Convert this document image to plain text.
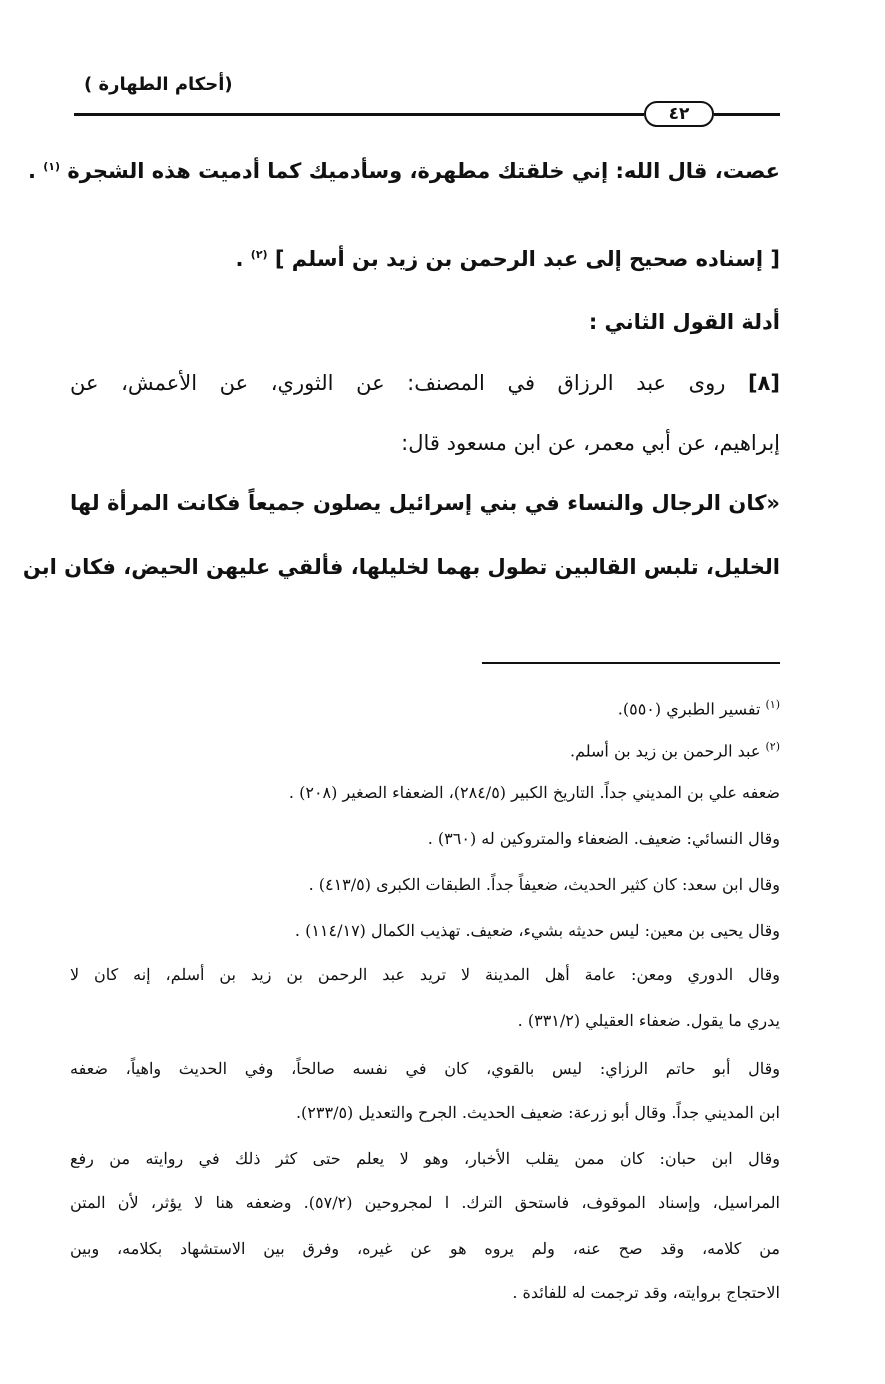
(أحكام الطهارة )
٤٢
عصت، قال الله: إني خلقتك مطهرة، وسأدميك كما أدميت هذه الشجرة $^{(١)}$ .
[ إسناده صحيح إلى عبد الرحمن بن زيد بن أسلم ] $^{(٢)}$ .
أدلة القول الثاني :
[٨] روى عبد الرزاق في المصنف: عن الثوري، عن الأعمش، عن
إبراهيم، عن أبي معمر، عن ابن مسعود قال:
«كان الرجال والنساء في بني إسرائيل يصلون جميعاً فكانت المرأة لها
الخليل، تلبس القالبين تطول بهما لخليلها، فألقي عليهن الحيض، فكان ابن
$^{(١)}$ تفسير الطبري (٥٥٠).
$^{(٢)}$ عبد الرحمن بن زيد بن أسلم.
ضعفه علي بن المديني جداً. التاريخ الكبير (٢٨٤/٥)، الضعفاء الصغير (٢٠٨) .
وقال النسائي: ضعيف. الضعفاء والمتروكين له (٣٦٠) .
وقال ابن سعد: كان كثير الحديث، ضعيفاً جداً. الطبقات الكبرى (٤١٣/٥) .
وقال يحيى بن معين: ليس حديثه بشيء، ضعيف. تهذيب الكمال (١١٤/١٧) .
وقال الدوري ومعن: عامة أهل المدينة لا تريد عبد الرحمن بن زيد بن أسلم، إنه كان لا
يدري ما يقول. ضعفاء العقيلي (٣٣١/٢) .
وقال أبو حاتم الرزاي: ليس بالقوي، كان في نفسه صالحاً، وفي الحديث واهياً، ضعفه
ابن المديني جداً. وقال أبو زرعة: ضعيف الحديث. الجرح والتعديل (٢٣٣/٥).
وقال ابن حبان: كان ممن يقلب الأخبار، وهو لا يعلم حتى كثر ذلك في روايته من رفع
المراسيل، وإسناد الموقوف، فاستحق الترك. ا لمجروحين (٥٧/٢). وضعفه هنا لا يؤثر، لأن المتن
من كلامه، وقد صح عنه، ولم يروه هو عن غيره، وفرق بين الاستشهاد بكلامه، وبين
الاحتجاج بروايته، وقد ترجمت له للفائدة .
